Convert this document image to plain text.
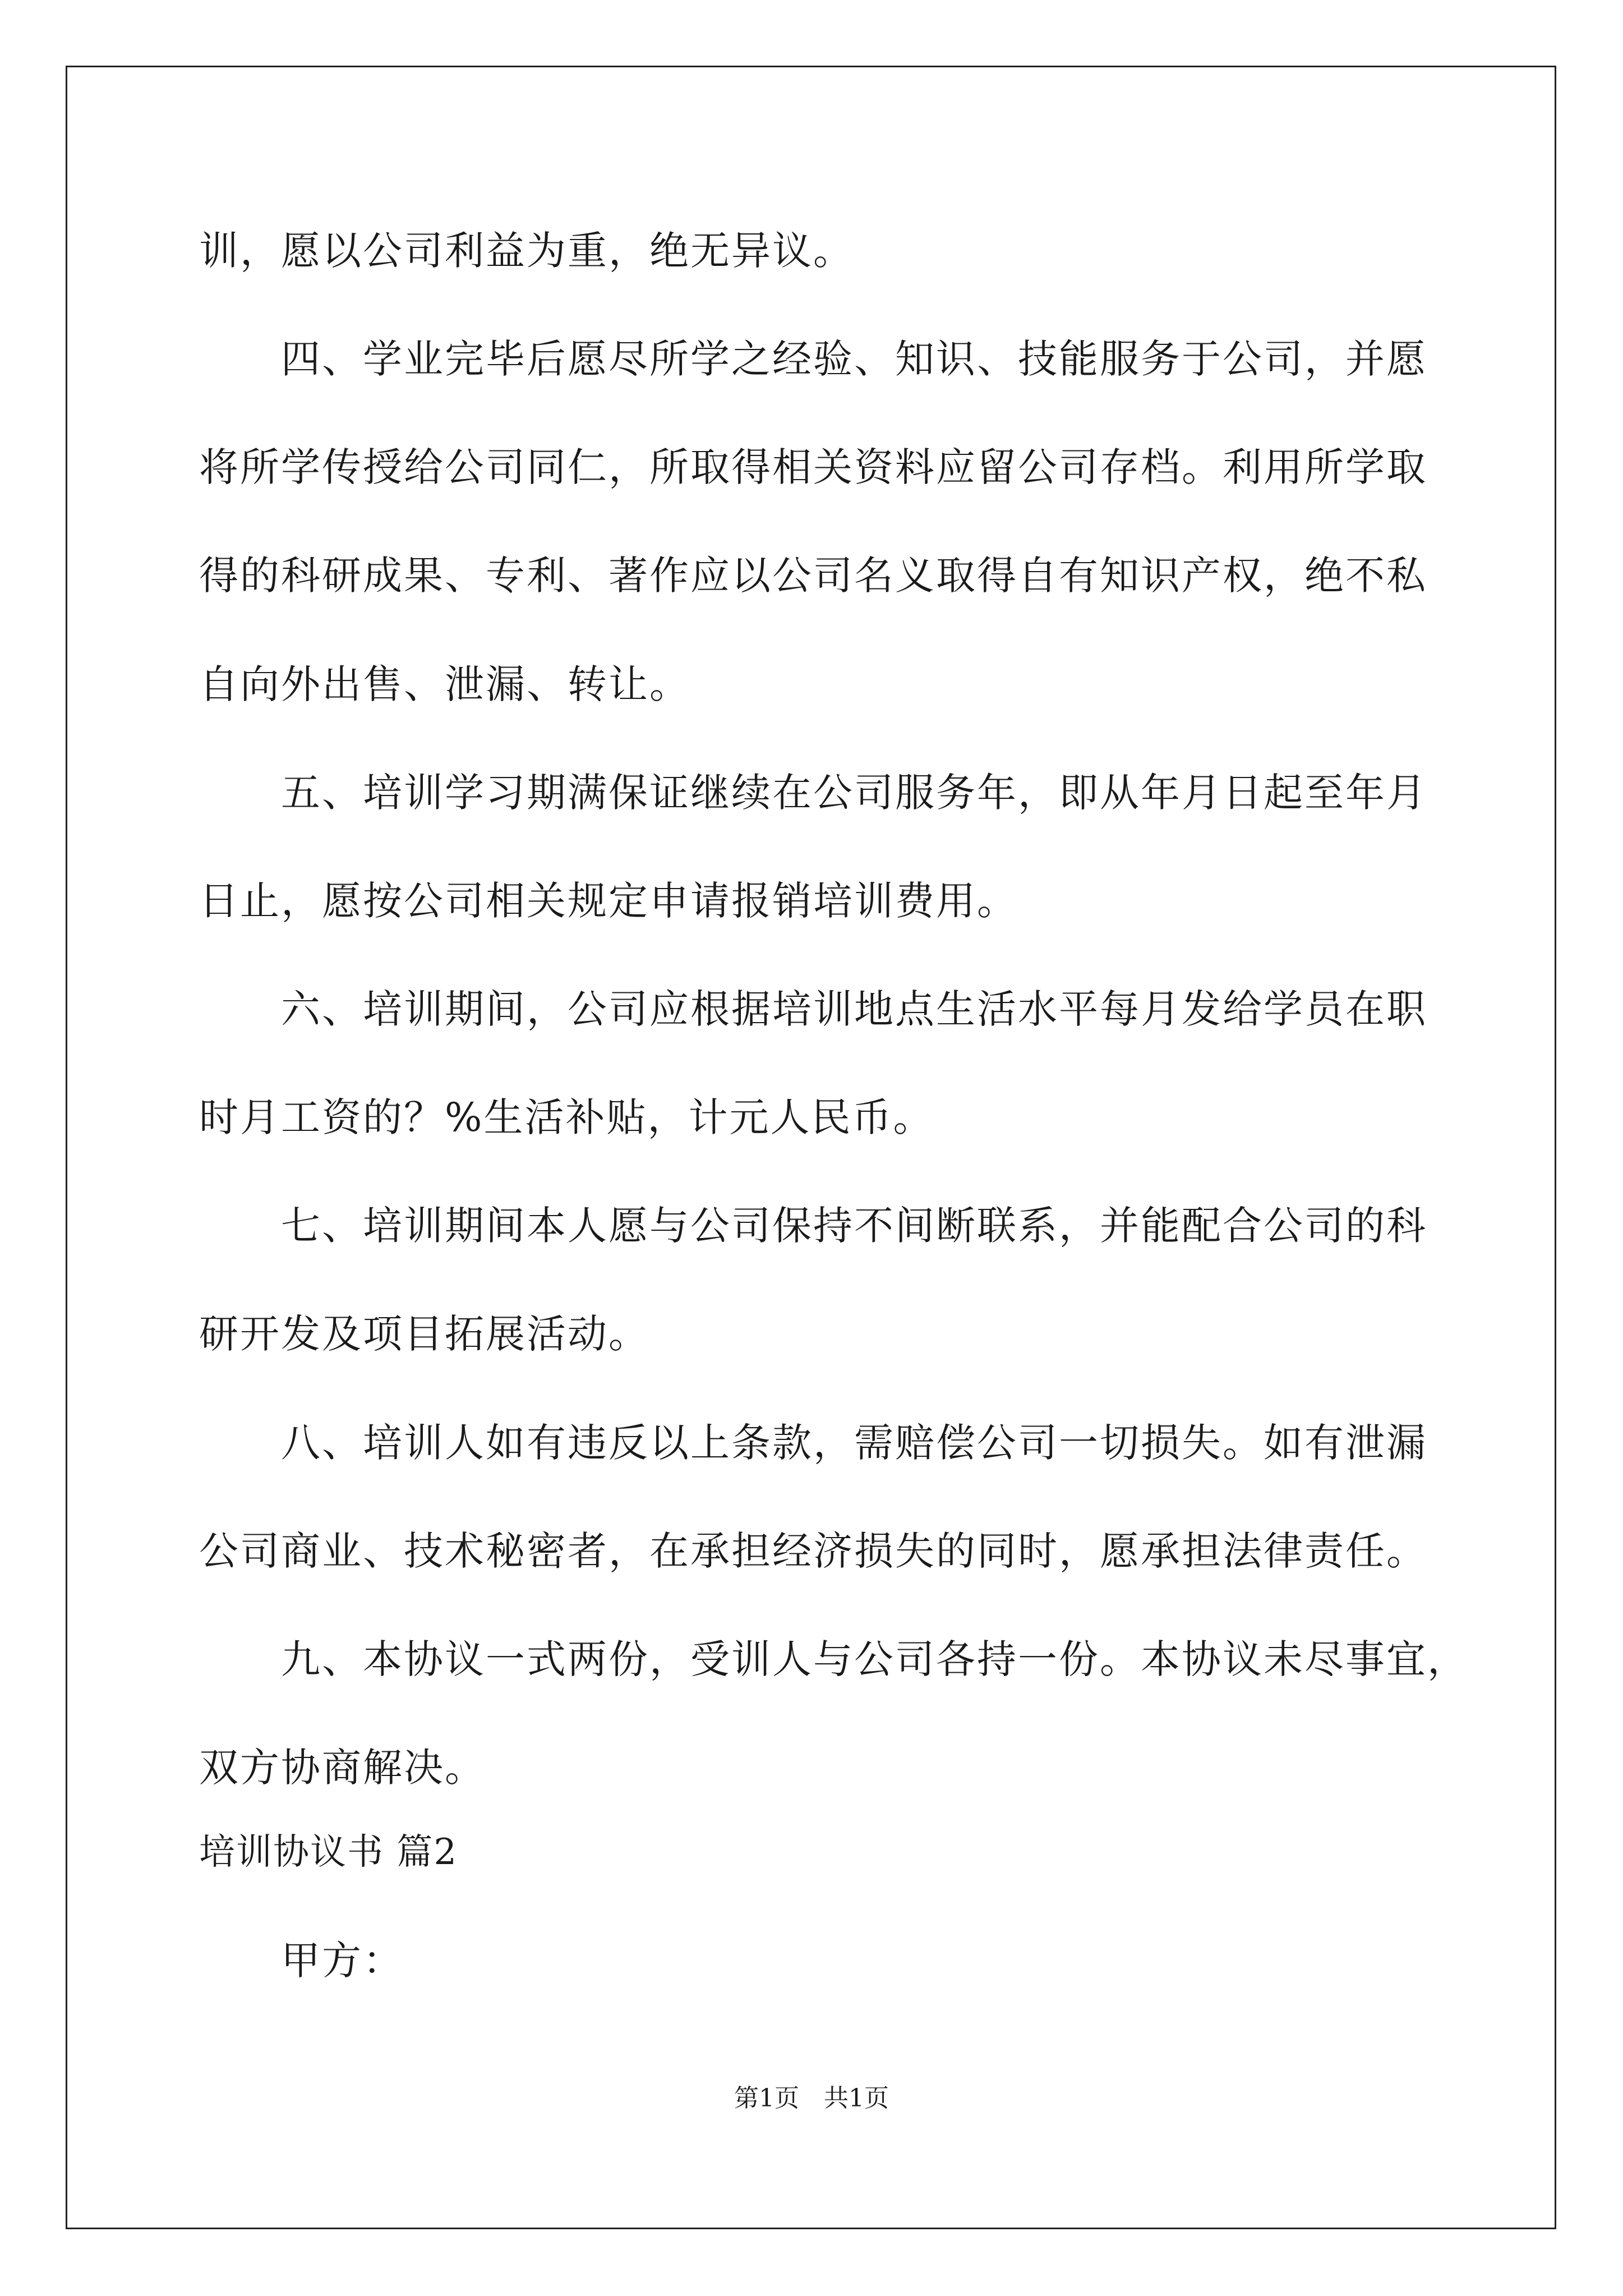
训，愿以公司利益为重，绝无异议。
　　四、学业完毕后愿尽所学之经验、知识、技能服务于公司，并愿
将所学传授给公司同仁，所取得相关资料应留公司存档。利用所学取
得的科研成果、专利、著作应以公司名义取得自有知识产权，绝不私
自向外出售、泄漏、转让。
　　五、培训学习期满保证继续在公司服务年，即从年月日起至年月
日止，愿按公司相关规定申请报销培训费用。
　　六、培训期间，公司应根据培训地点生活水平每月发给学员在职
时月工资的？%生活补贴，计元人民币。
　　七、培训期间本人愿与公司保持不间断联系，并能配合公司的科
研开发及项目拓展活动。
　　八、培训人如有违反以上条款，需赔偿公司一切损失。如有泄漏
公司商业、技术秘密者，在承担经济损失的同时，愿承担法律责任。
　　九、本协议一式两份，受训人与公司各持一份。本协议未尽事宜，
双方协商解决。
培训协议书 篇2
　　甲方：
第1页　共1页
